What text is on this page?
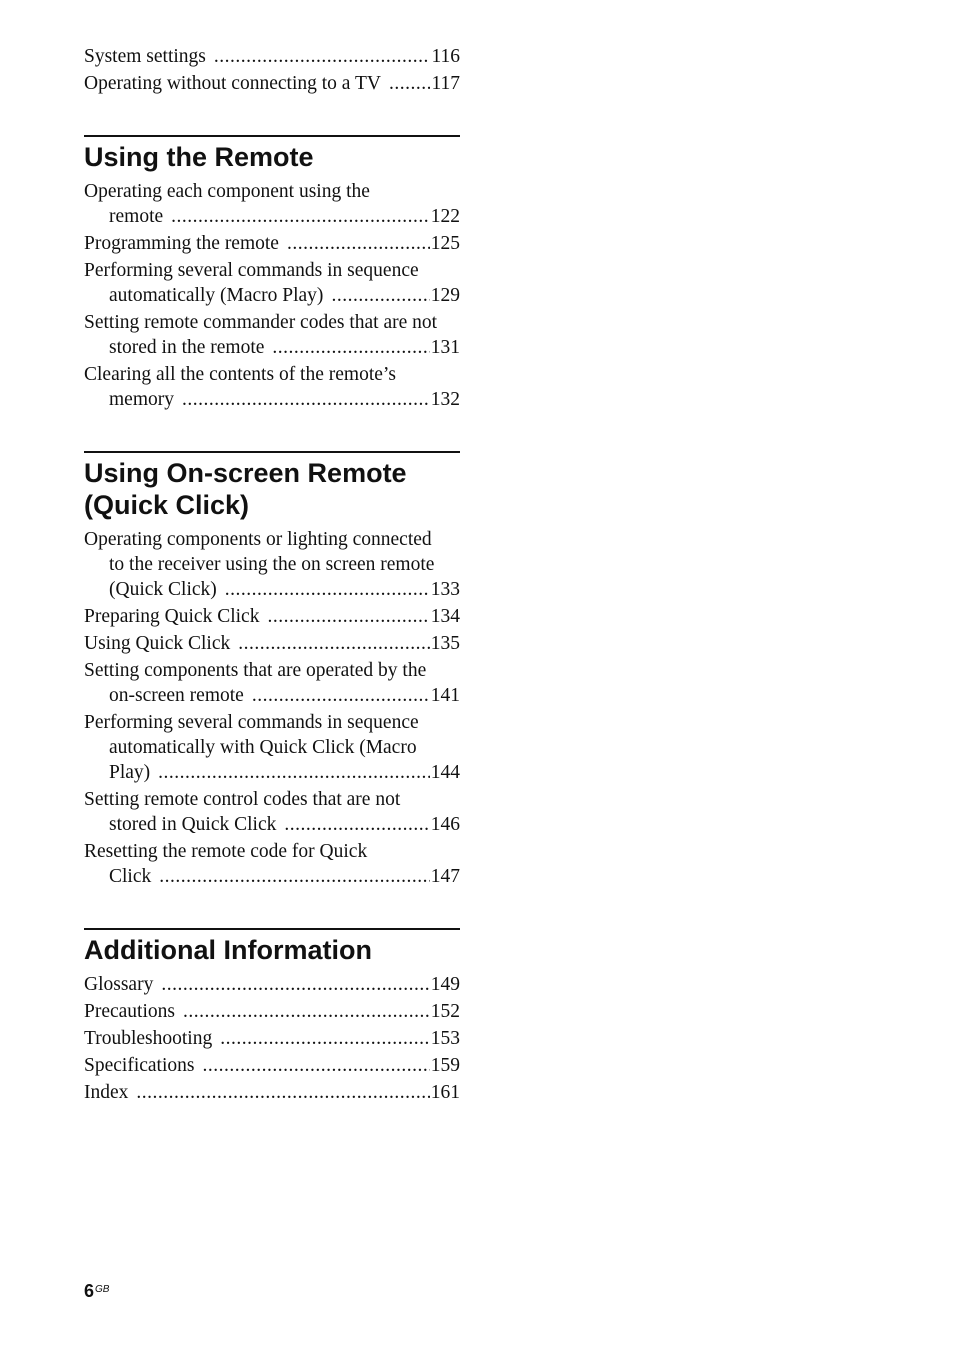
System settings .....	116
Operating without connecting to a TV .....	117
Using the Remote
Operating each component using the
remote .....	122
Programming the remote .....	125
Performing several commands in sequence
automatically (Macro Play) .....	129
Setting remote commander codes that are not
stored in the remote .....	131
Clearing all the contents of the remote’s
memory .....	132
Using On-screen Remote
(Quick Click)
Operating components or lighting connected
to the receiver using the on screen remote
(Quick Click) .....	133
Preparing Quick Click .....	134
Using Quick Click .....	135
Setting components that are operated by the
on-screen remote .....	141
Performing several commands in sequence
automatically with Quick Click (Macro
Play) .....	144
Setting remote control codes that are not
stored in Quick Click .....	146
Resetting the remote code for Quick
Click .....	147
Additional Information
Glossary .....	149
Precautions .....	152
Troubleshooting .....	153
Specifications .....	159
Index .....	161
$6^{GB}$
